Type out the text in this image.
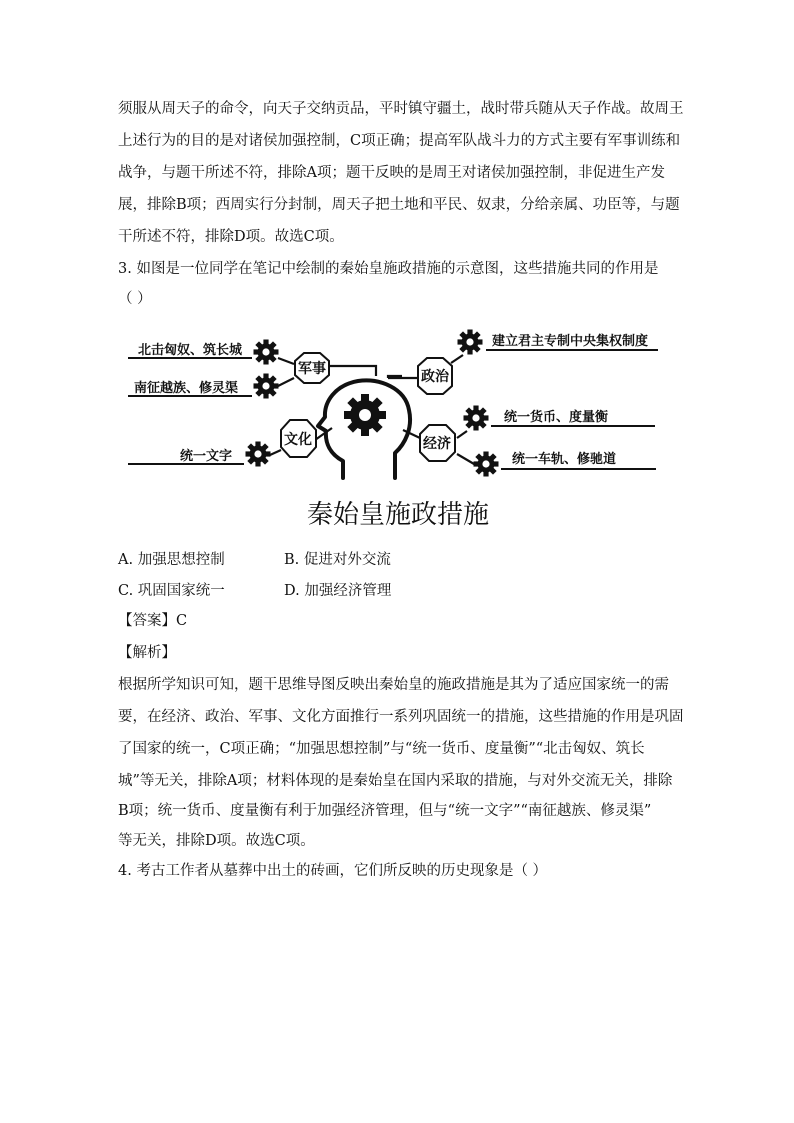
须服从周天子的命令，向天子交纳贡品，平时镇守疆土，战时带兵随从天子作战。故周王
上述行为的目的是对诸侯加强控制，C项正确；提高军队战斗力的方式主要有军事训练和
战争，与题干所述不符，排除A项；题干反映的是周王对诸侯加强控制，非促进生产发
展，排除B项；西周实行分封制，周天子把土地和平民、奴隶，分给亲属、功臣等，与题
干所述不符，排除D项。故选C项。
3. 如图是一位同学在笔记中绘制的秦始皇施政措施的示意图，这些措施共同的作用是
（ ）
军事	政治
文化	经济
北击匈奴、筑长城
南征越族、修灵渠
统一文字
建立君主专制中央集权制度
统一货币、度量衡
统一车轨、修驰道
秦始皇施政措施
A. 加强思想控制	B. 促进对外交流
C. 巩固国家统一	D. 加强经济管理
【答案】C
【解析】
根据所学知识可知，题干思维导图反映出秦始皇的施政措施是其为了适应国家统一的需
要，在经济、政治、军事、文化方面推行一系列巩固统一的措施，这些措施的作用是巩固
了国家的统一，C项正确；“加强思想控制”与“统一货币、度量衡”“北击匈奴、筑长
城”等无关，排除A项；材料体现的是秦始皇在国内采取的措施，与对外交流无关，排除
B项；统一货币、度量衡有利于加强经济管理，但与“统一文字”“南征越族、修灵渠”
等无关，排除D项。故选C项。
4. 考古工作者从墓葬中出土的砖画，它们所反映的历史现象是（ ）
